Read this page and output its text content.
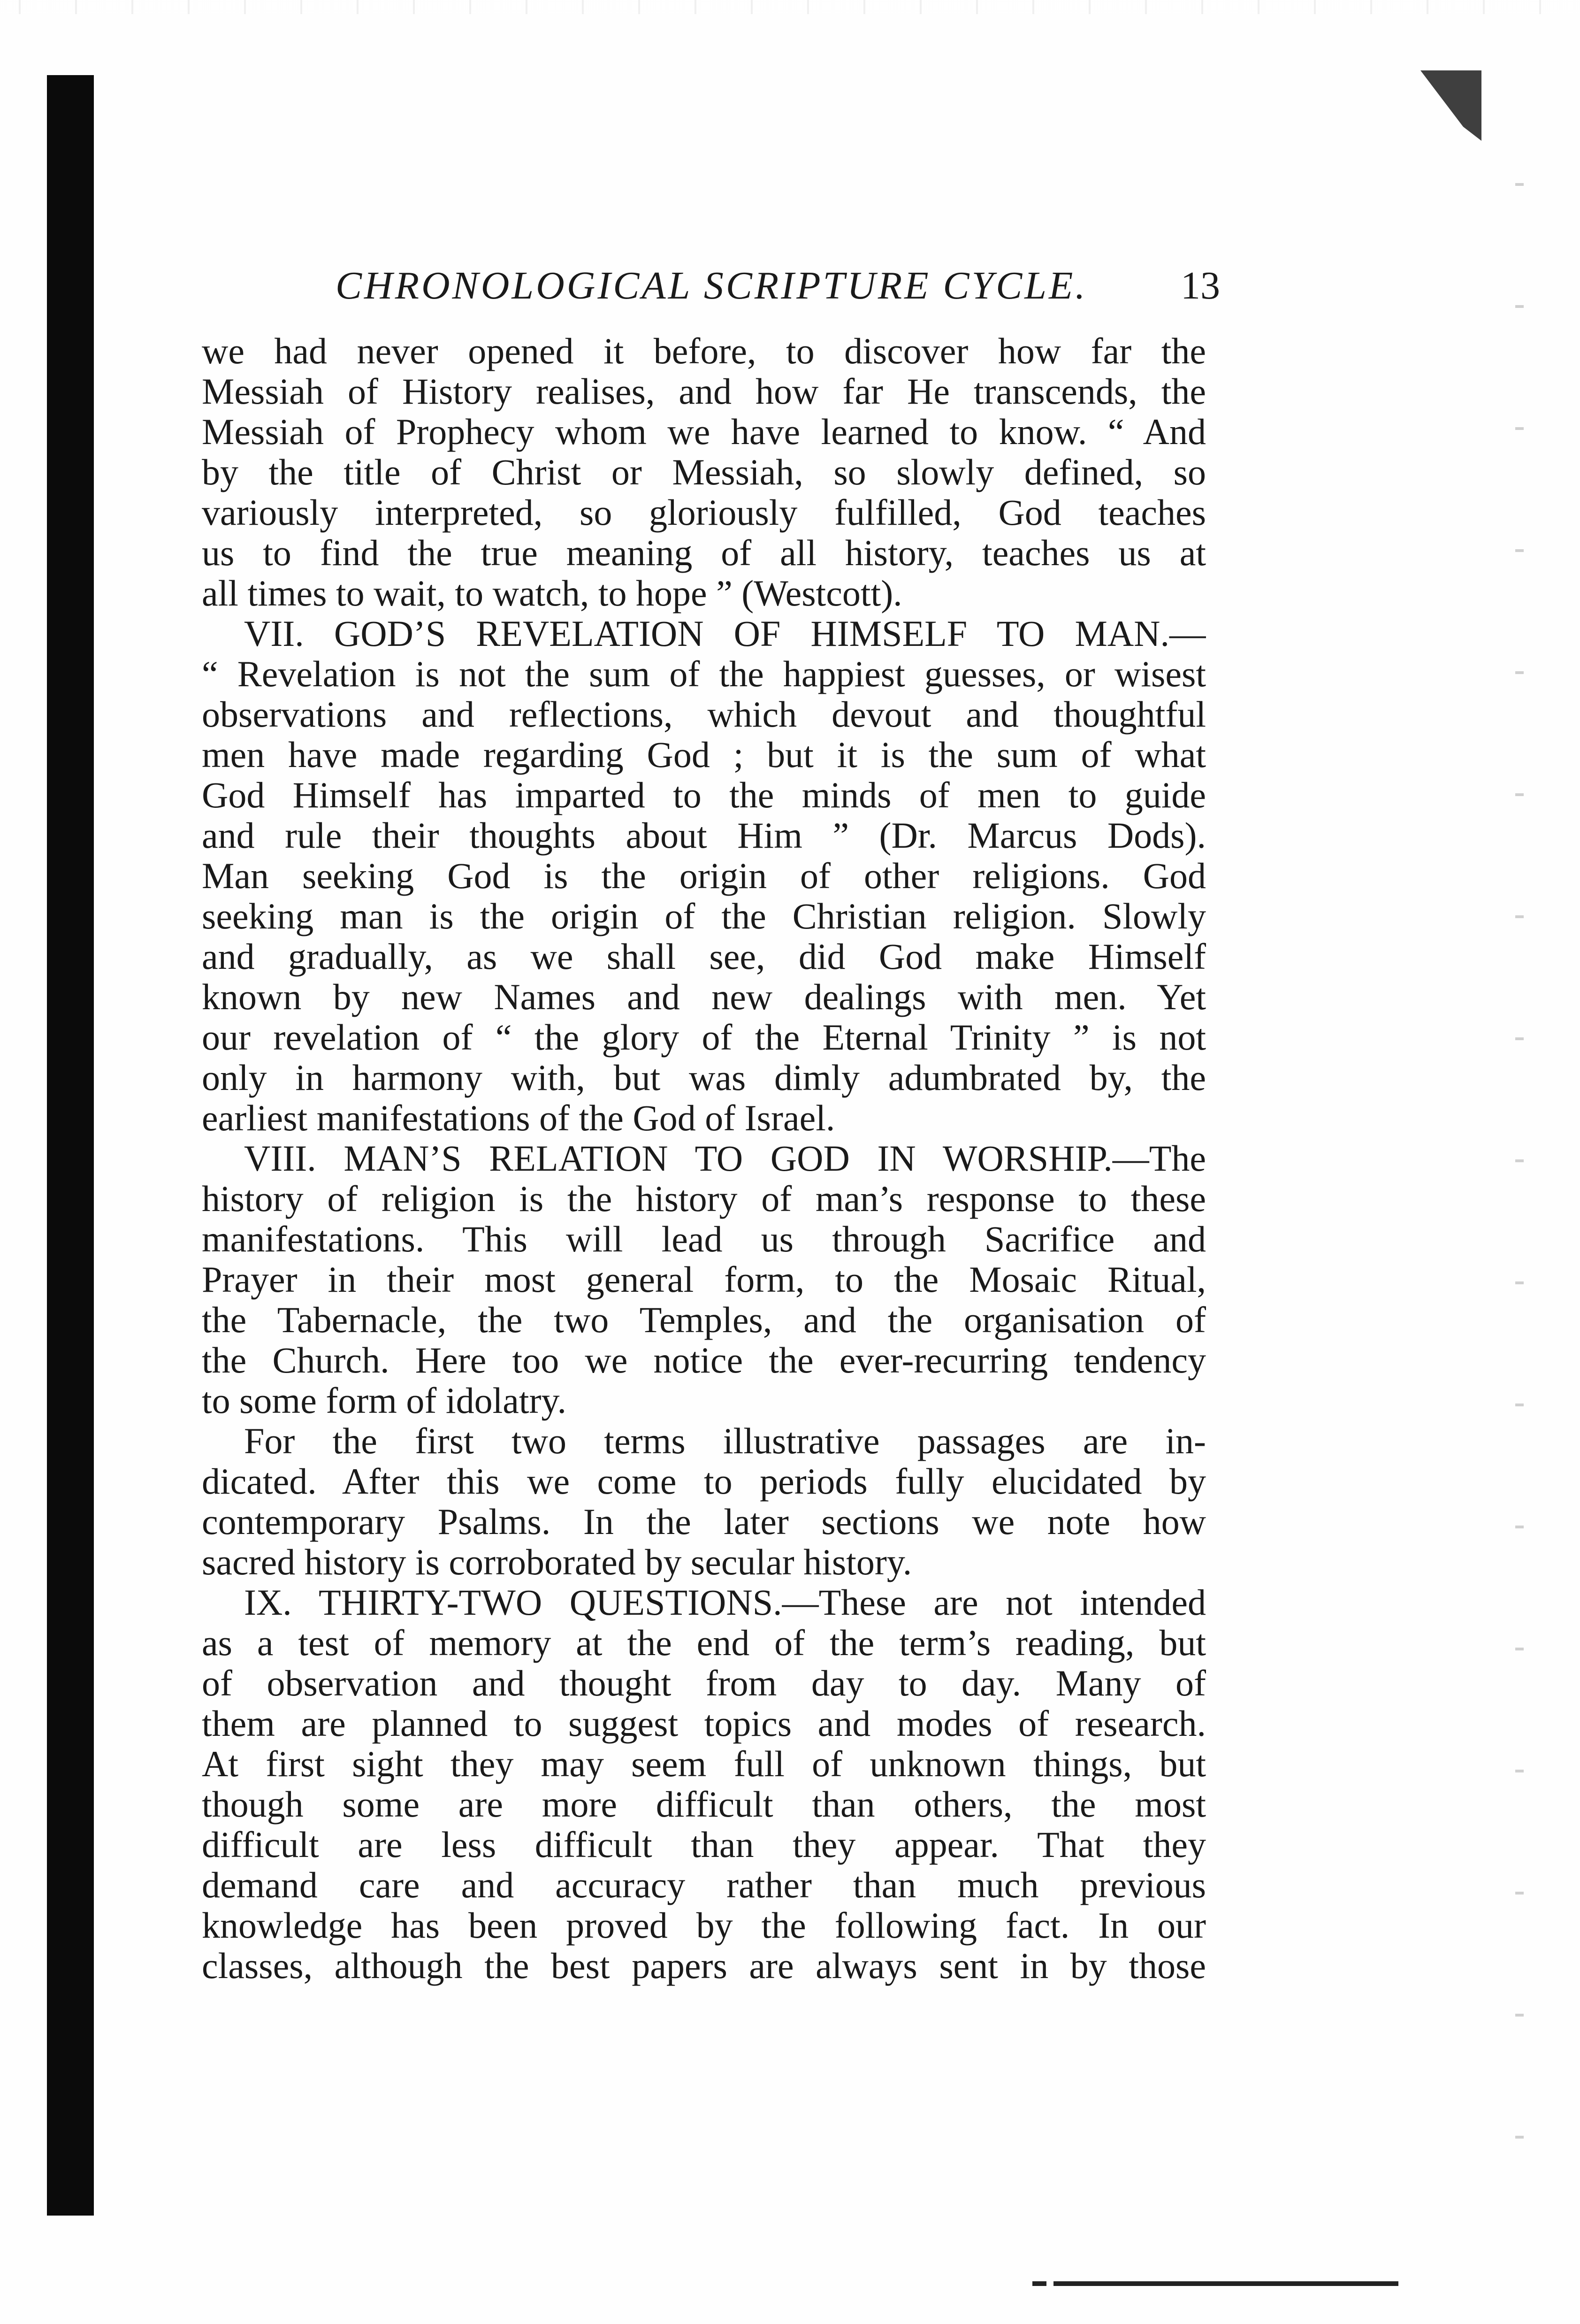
CHRONOLOGICAL SCRIPTURE CYCLE. 13
we had never opened it before, to discover how far the
Messiah of History realises, and how far He transcends, the
Messiah of Prophecy whom we have learned to know. “ And
by the title of Christ or Messiah, so slowly defined, so
variously interpreted, so gloriously fulfilled, God teaches
us to find the true meaning of all history, teaches us at
all times to wait, to watch, to hope ” (Westcott).
VII. GOD’S REVELATION OF HIMSELF TO MAN.—
“ Revelation is not the sum of the happiest guesses, or wisest
observations and reflections, which devout and thoughtful
men have made regarding God ; but it is the sum of what
God Himself has imparted to the minds of men to guide
and rule their thoughts about Him ” (Dr. Marcus Dods).
Man seeking God is the origin of other religions. God
seeking man is the origin of the Christian religion. Slowly
and gradually, as we shall see, did God make Himself
known by new Names and new dealings with men. Yet
our revelation of “ the glory of the Eternal Trinity ” is not
only in harmony with, but was dimly adumbrated by, the
earliest manifestations of the God of Israel.
VIII. MAN’S RELATION TO GOD IN WORSHIP.—The
history of religion is the history of man’s response to these
manifestations. This will lead us through Sacrifice and
Prayer in their most general form, to the Mosaic Ritual,
the Tabernacle, the two Temples, and the organisation of
the Church. Here too we notice the ever-recurring tendency
to some form of idolatry.
For the first two terms illustrative passages are in-
dicated. After this we come to periods fully elucidated by
contemporary Psalms. In the later sections we note how
sacred history is corroborated by secular history.
IX. THIRTY-TWO QUESTIONS.—These are not intended
as a test of memory at the end of the term’s reading, but
of observation and thought from day to day. Many of
them are planned to suggest topics and modes of research.
At first sight they may seem full of unknown things, but
though some are more difficult than others, the most
difficult are less difficult than they appear. That they
demand care and accuracy rather than much previous
knowledge has been proved by the following fact. In our
classes, although the best papers are always sent in by those
